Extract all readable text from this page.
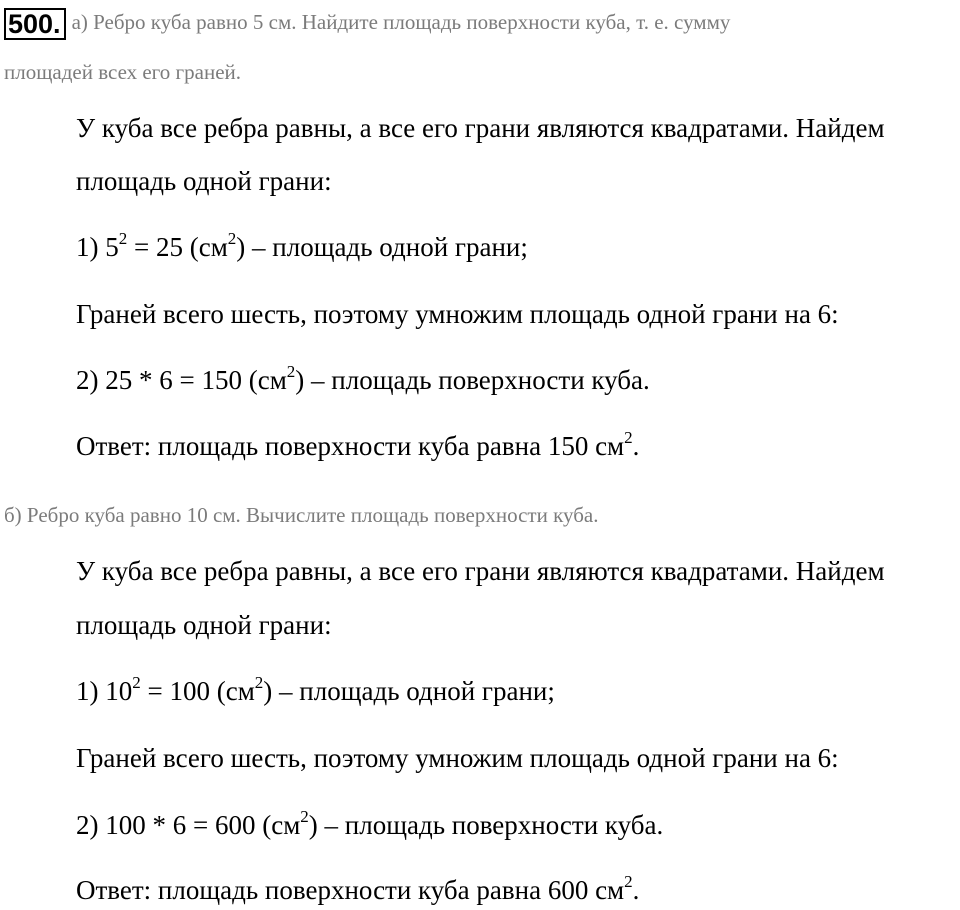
500. а) Ребро куба равно 5 см. Найдите площадь поверхности куба, т. е. сумму
площадей всех его граней.
У куба все ребра равны, а все его грани являются квадратами. Найдем
площадь одной грани:
1) $5^2 = 25$ $(см^2)$ – площадь одной грани;
Граней всего шесть, поэтому умножим площадь одной грани на 6:
2) 25 * 6 = 150 $(см^2)$ – площадь поверхности куба.
Ответ: площадь поверхности куба равна 150 $см^2$.
б) Ребро куба равно 10 см. Вычислите площадь поверхности куба.
У куба все ребра равны, а все его грани являются квадратами. Найдем
площадь одной грани:
1) $10^2 = 100$ $(см^2)$ – площадь одной грани;
Граней всего шесть, поэтому умножим площадь одной грани на 6:
2) 100 * 6 = 600 $(см^2)$ – площадь поверхности куба.
Ответ: площадь поверхности куба равна 600 $см^2$.
